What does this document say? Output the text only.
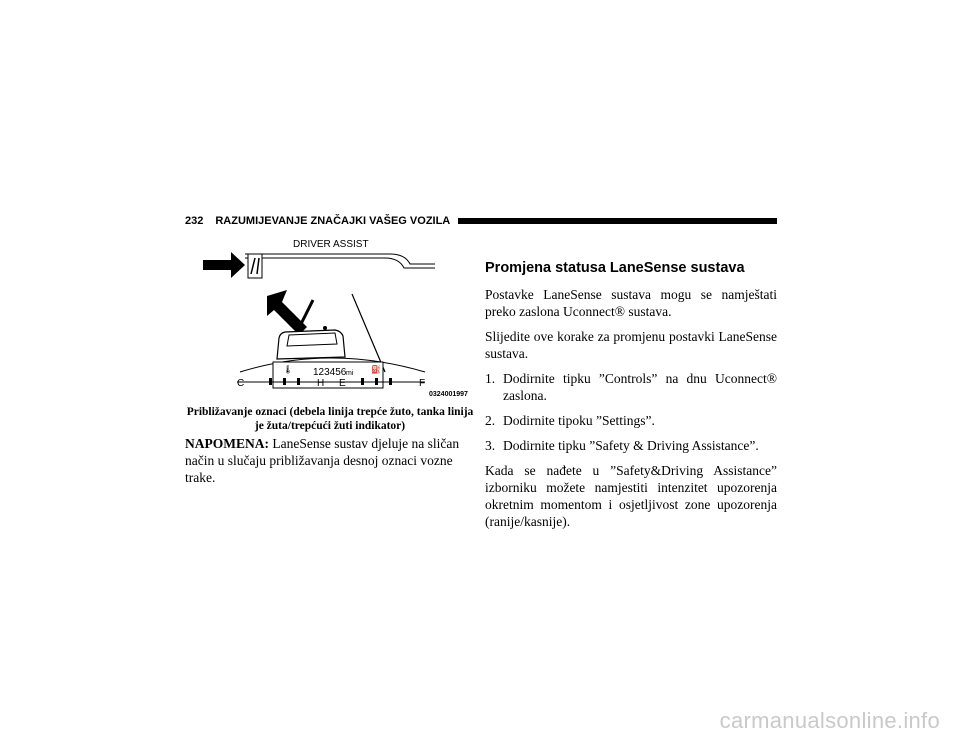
232 RAZUMIJEVANJE ZNAČAJKI VAŠEG VOZILA
DRIVER ASSIST
123456 mi
C	H E	F
⛽
🌡
0324001997
Približavanje oznaci (debela linija trepće žuto, tanka linija je žuta/trepćući žuti indikator)
NAPOMENA: LaneSense sustav djeluje na sličan način u slučaju približavanja desnoj oznaci vozne trake.
Promjena statusa LaneSense sustava

Postavke LaneSense sustava mogu se namještati preko zaslona Uconnect® sustava.

Slijedite ove korake za promjenu postavki LaneSense sustava.

1. Dodirnite tipku ”Controls” na dnu Uconnect® zaslona.
2. Dodirnite tipoku ”Settings”.
3. Dodirnite tipku ”Safety & Driving Assistance”.

Kada se nađete u ”Safety&Driving Assistance” izborniku možete namjestiti intenzitet upozorenja okretnim momentom i osjetljivost zone upozorenja (ranije/kasnije).

carmanualsonline.info
